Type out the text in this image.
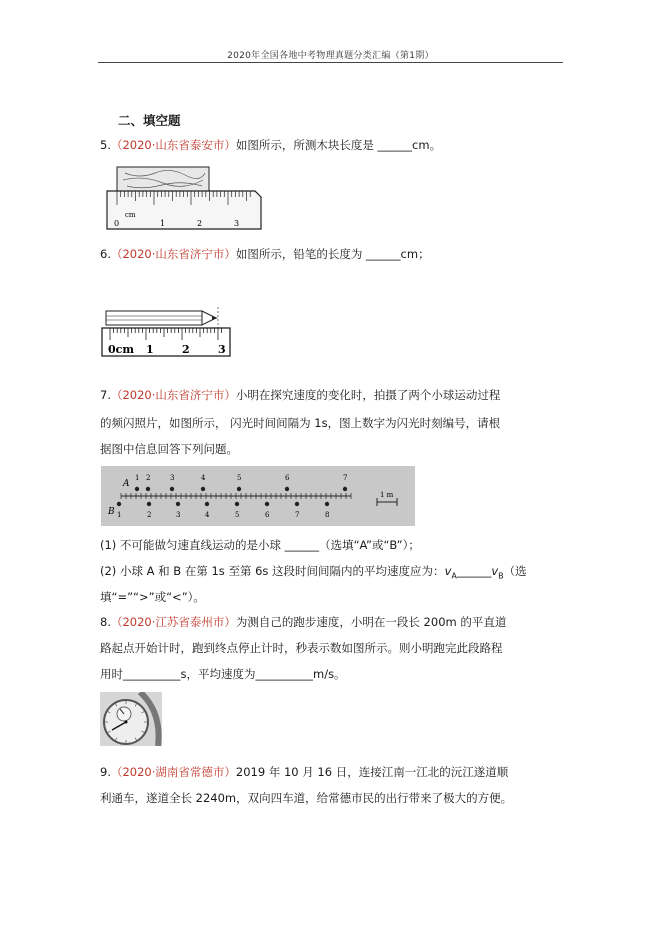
2020年全国各地中考物理真题分类汇编（第1期）
二、填空题
5.（2020·山东省泰安市）如图所示，所测木块长度是 ______cm。
0
cm
1	2	3
6.（2020·山东省济宁市）如图所示，铅笔的长度为 ______cm；
0cm 1	2	3
7.（2020·山东省济宁市）小明在探究速度的变化时，拍摄了两个小球运动过程
的频闪照片，如图所示， 闪光时间间隔为 1s，图上数字为闪光时刻编号，请根
据图中信息回答下列问题。
A
B
1 2	3	4	5	6	7
1	2	3	4	5	6	7	8
1 m
(1) 不可能做匀速直线运动的是小球 ______（选填“A”或“B”）；
(2) 小球 A 和 B 在第 1s 至第 6s 这段时间间隔内的平均速度应为：$v_A\_\_\_\_\_\_v_B$（选
填“=”“>”或“<”）。
8.（2020·江苏省泰州市）为测自己的跑步速度，小明在一段长 200m 的平直道
路起点开始计时，跑到终点停止计时，秒表示数如图所示。则小明跑完此段路程
用时__________s，平均速度为__________m/s。
9.（2020·湖南省常德市）2019 年 10 月 16 日，连接江南一江北的沅江遂道顺
利通车，遂道全长 2240m，双向四车道，给常德市民的出行带来了极大的方便。
